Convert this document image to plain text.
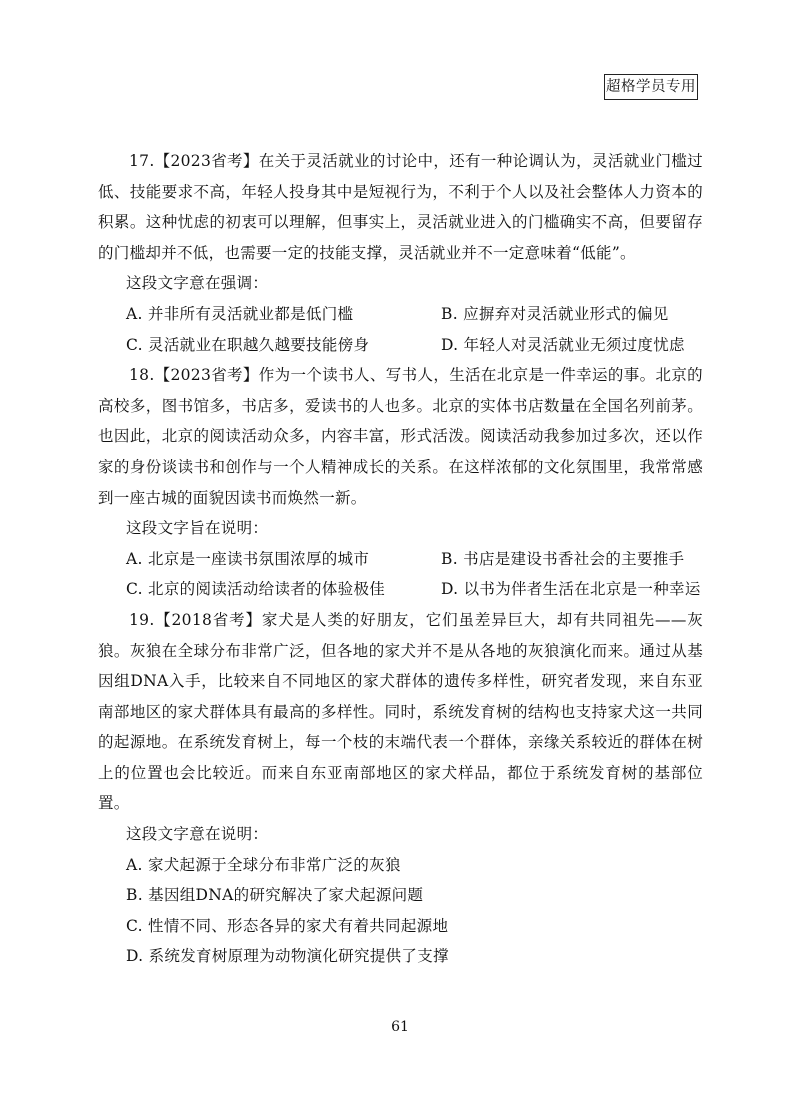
超格学员专用

17.【2023省考】在关于灵活就业的讨论中，还有一种论调认为，灵活就业门槛过低、技能要求不高，年轻人投身其中是短视行为，不利于个人以及社会整体人力资本的积累。这种忧虑的初衷可以理解，但事实上，灵活就业进入的门槛确实不高，但要留存的门槛却并不低，也需要一定的技能支撑，灵活就业并不一定意味着“低能”。

这段文字意在强调：

A. 并非所有灵活就业都是低门槛	B. 应摒弃对灵活就业形式的偏见
C. 灵活就业在职越久越要技能傍身	D. 年轻人对灵活就业无须过度忧虑

18.【2023省考】作为一个读书人、写书人，生活在北京是一件幸运的事。北京的高校多，图书馆多，书店多，爱读书的人也多。北京的实体书店数量在全国名列前茅。也因此，北京的阅读活动众多，内容丰富，形式活泼。阅读活动我参加过多次，还以作家的身份谈读书和创作与一个人精神成长的关系。在这样浓郁的文化氛围里，我常常感到一座古城的面貌因读书而焕然一新。

这段文字旨在说明：

A. 北京是一座读书氛围浓厚的城市	B. 书店是建设书香社会的主要推手
C. 北京的阅读活动给读者的体验极佳	D. 以书为伴者生活在北京是一种幸运

19.【2018省考】家犬是人类的好朋友，它们虽差异巨大，却有共同祖先——灰狼。灰狼在全球分布非常广泛，但各地的家犬并不是从各地的灰狼演化而来。通过从基因组DNA入手，比较来自不同地区的家犬群体的遗传多样性，研究者发现，来自东亚南部地区的家犬群体具有最高的多样性。同时，系统发育树的结构也支持家犬这一共同的起源地。在系统发育树上，每一个枝的末端代表一个群体，亲缘关系较近的群体在树上的位置也会比较近。而来自东亚南部地区的家犬样品，都位于系统发育树的基部位置。

这段文字意在说明：

A. 家犬起源于全球分布非常广泛的灰狼
B. 基因组DNA的研究解决了家犬起源问题
C. 性情不同、形态各异的家犬有着共同起源地
D. 系统发育树原理为动物演化研究提供了支撑
61
